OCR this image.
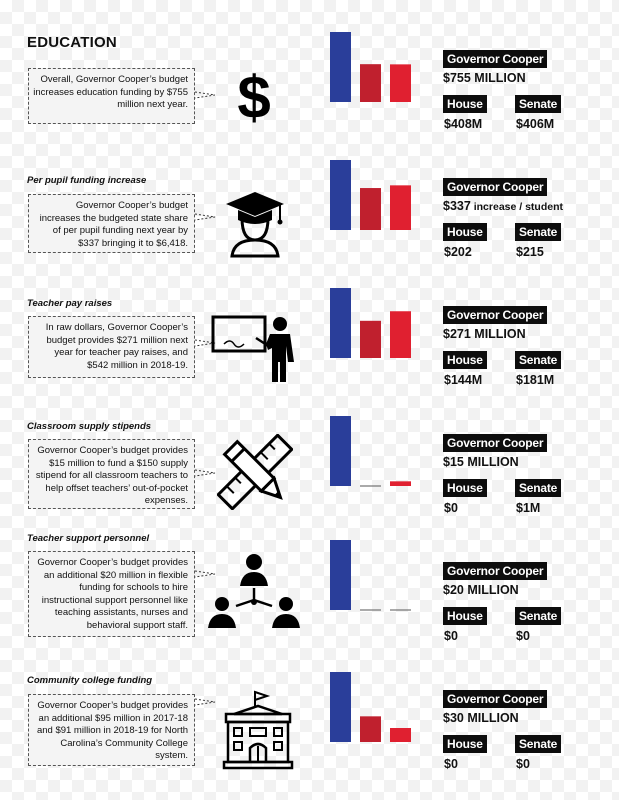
EDUCATION
Overall, Governor Cooper’s budget increases education funding by $755 million next year. $
Governor Cooper
$755 MILLION
House	Senate
$408M	$406M
Per pupil funding increase
Governor Cooper’s budget increases the budgeted state share of per pupil funding next year by $337 bringing it to $6,418.
Governor Cooper
$337 increase / student
House	Senate
$202	$215
Teacher pay raises
In raw dollars, Governor Cooper’s budget provides $271 million next year for teacher pay raises, and $542 million in 2018-19.
Governor Cooper
$271 MILLION
House	Senate
$144M	$181M
Classroom supply stipends
Governor Cooper’s budget provides $15 million to fund a $150 supply stipend for all classroom teachers to help offset teachers’ out-of-pocket expenses.
Governor Cooper
$15 MILLION
House	Senate
$0	$1M
Teacher support personnel
Governor Cooper’s budget provides an additional $20 million in flexible funding for schools to hire instructional support personnel like teaching assistants, nurses and behavioral support staff.
Governor Cooper
$20 MILLION
House	Senate
$0	$0
Community college funding
Governor Cooper’s budget provides an additional $95 million in 2017-18 and $91 million in 2018-19 for North Carolina’s Community College system.
Governor Cooper
$30 MILLION
House	Senate
$0	$0
